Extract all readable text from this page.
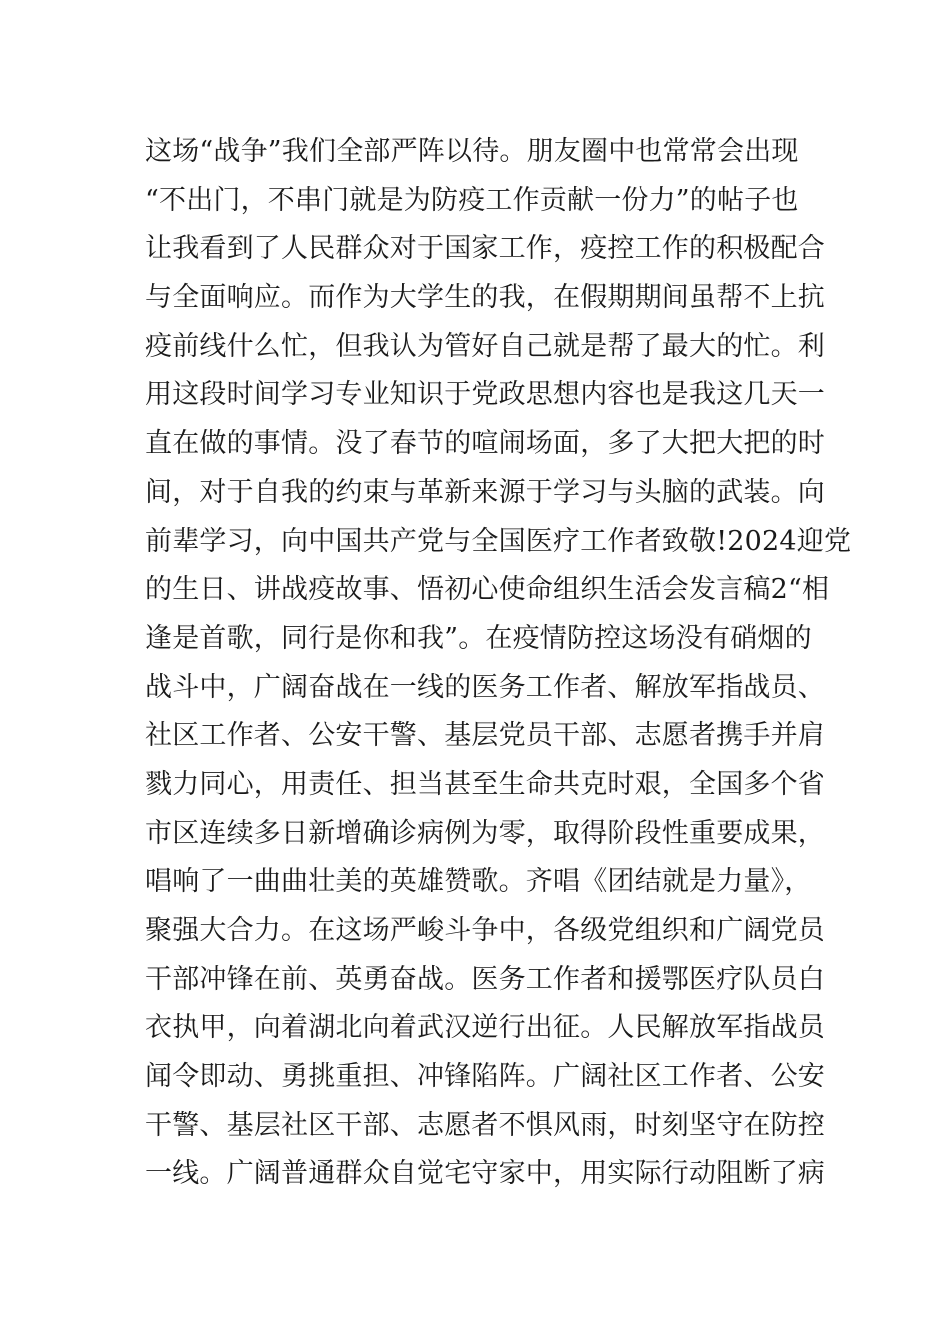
这场“战争”我们全部严阵以待。朋友圈中也常常会出现
“不出门，不串门就是为防疫工作贡献一份力”的帖子也
让我看到了人民群众对于国家工作，疫控工作的积极配合
与全面响应。而作为大学生的我，在假期期间虽帮不上抗
疫前线什么忙，但我认为管好自己就是帮了最大的忙。利
用这段时间学习专业知识于党政思想内容也是我这几天一
直在做的事情。没了春节的喧闹场面，多了大把大把的时
间，对于自我的约束与革新来源于学习与头脑的武装。向
前辈学习，向中国共产党与全国医疗工作者致敬!2024迎党
的生日、讲战疫故事、悟初心使命组织生活会发言稿2“相
逢是首歌，同行是你和我”。在疫情防控这场没有硝烟的
战斗中，广阔奋战在一线的医务工作者、解放军指战员、
社区工作者、公安干警、基层党员干部、志愿者携手并肩
戮力同心，用责任、担当甚至生命共克时艰，全国多个省
市区连续多日新增确诊病例为零，取得阶段性重要成果，
唱响了一曲曲壮美的英雄赞歌。齐唱《团结就是力量》，
聚强大合力。在这场严峻斗争中，各级党组织和广阔党员
干部冲锋在前、英勇奋战。医务工作者和援鄂医疗队员白
衣执甲，向着湖北向着武汉逆行出征。人民解放军指战员
闻令即动、勇挑重担、冲锋陷阵。广阔社区工作者、公安
干警、基层社区干部、志愿者不惧风雨，时刻坚守在防控
一线。广阔普通群众自觉宅守家中，用实际行动阻断了病
